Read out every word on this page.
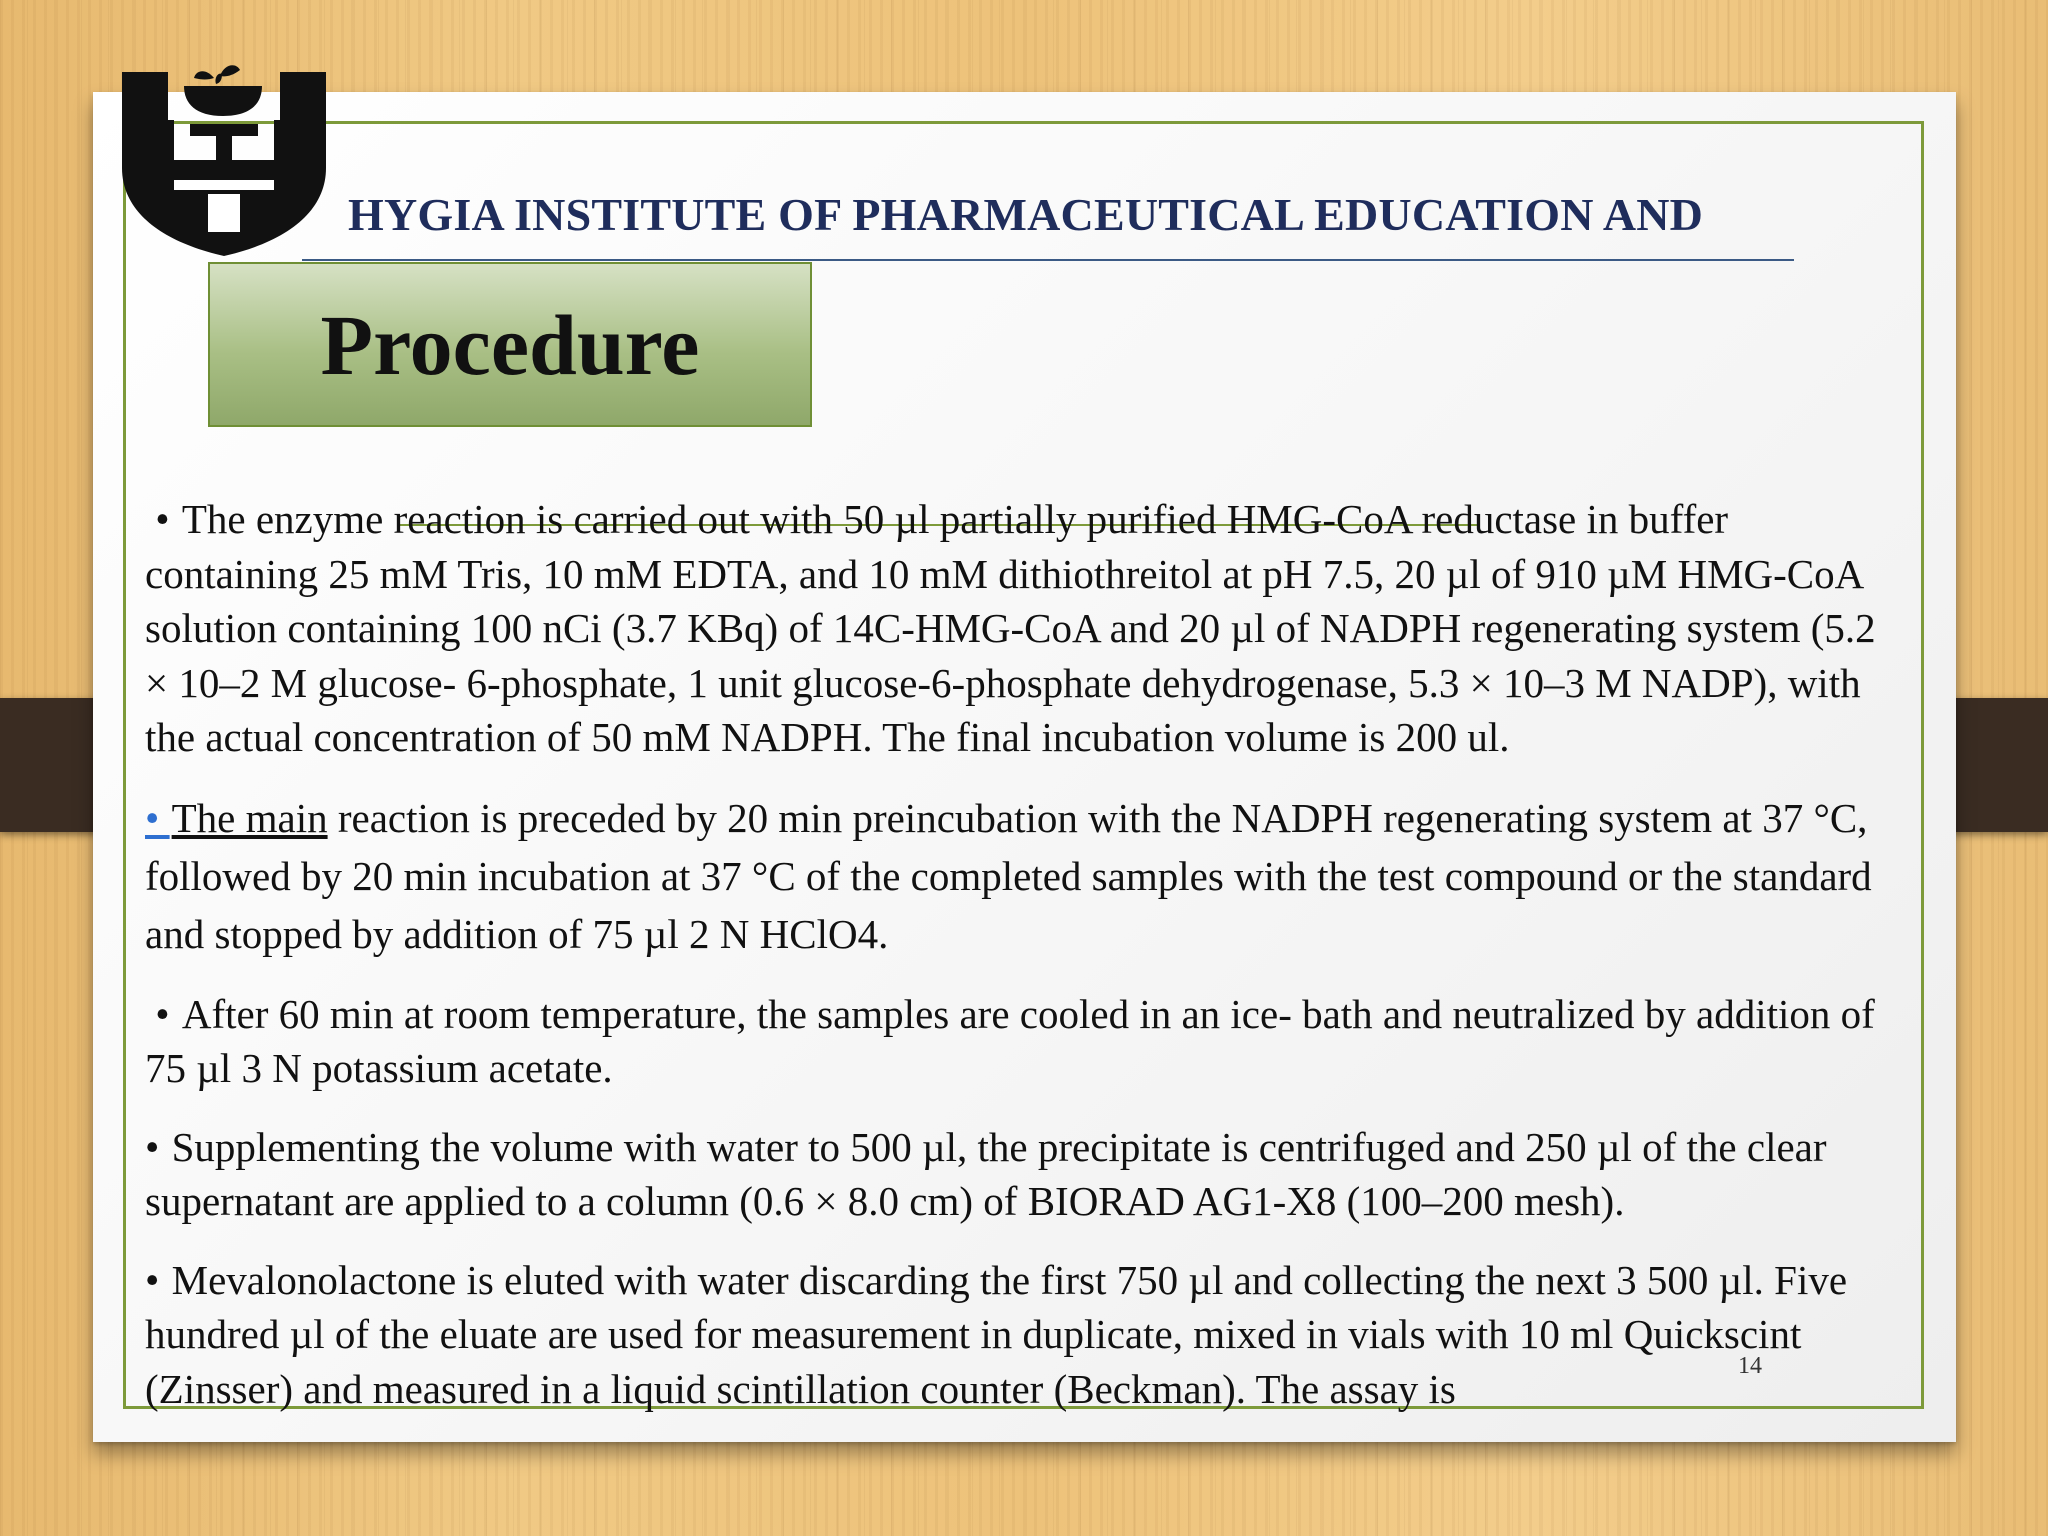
HYGIA INSTITUTE OF PHARMACEUTICAL EDUCATION AND
Procedure

• The enzyme reaction is carried out with 50 µl partially purified HMG-CoA reductase in buffer containing 25 mM Tris, 10 mM EDTA, and 10 mM dithiothreitol at pH 7.5, 20 µl of 910 µM HMG-CoA solution containing 100 nCi (3.7 KBq) of 14C-HMG-CoA and 20 µl of NADPH regenerating system (5.2 × 10–2 M glucose- 6-phosphate, 1 unit glucose-6-phosphate dehydrogenase, 5.3 × 10–3 M NADP), with the actual concentration of 50 mM NADPH. The final incubation volume is 200 ul.

• The main reaction is preceded by 20 min preincubation with the NADPH regenerating system at 37 °C, followed by 20 min incubation at 37 °C of the completed samples with the test compound or the standard and stopped by addition of 75 µl 2 N HClO4.

• After 60 min at room temperature, the samples are cooled in an ice- bath and neutralized by addition of 75 µl 3 N potassium acetate.

• Supplementing the volume with water to 500 µl, the precipitate is centrifuged and 250 µl of the clear supernatant are applied to a column (0.6 × 8.0 cm) of BIORAD AG1-X8 (100–200 mesh).

• Mevalonolactone is eluted with water discarding the first 750 µl and collecting the next 3 500 µl. Five hundred µl of the eluate are used for measurement in duplicate, mixed in vials with 10 ml Quickscint (Zinsser) and measured in a liquid scintillation counter (Beckman). The assay is	14
